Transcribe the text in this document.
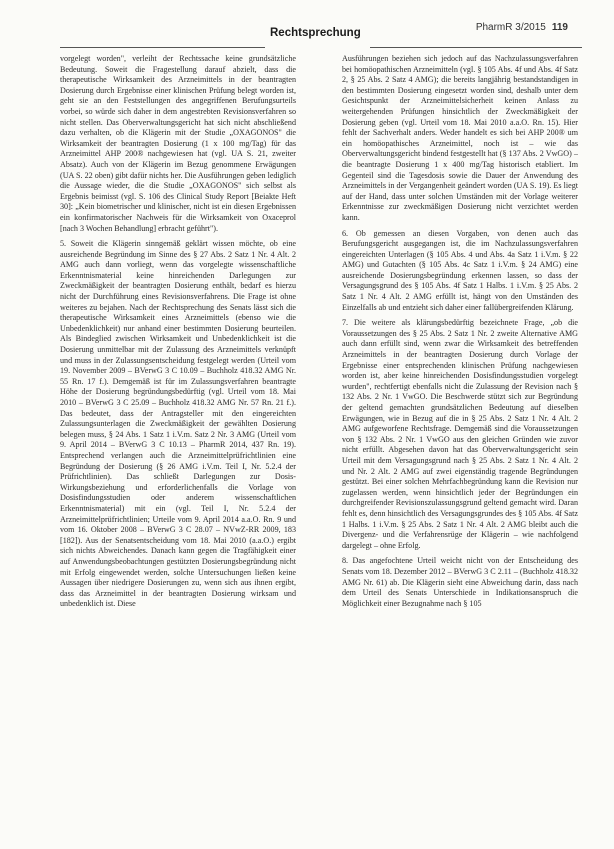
Rechtsprechung	PharmR 3/2015 119

vorgelegt worden", verleiht der Rechtssache keine grundsätzliche Bedeutung. Soweit die Fragestellung darauf abzielt, dass die therapeutische Wirksamkeit des Arzneimittels in der beantragten Dosierung durch Ergebnisse einer klinischen Prüfung belegt worden ist, geht sie an den Feststellungen des angegriffenen Berufungsurteils vorbei, so würde sich daher in dem angestrebten Revisionsverfahren so nicht stellen. Das Oberverwaltungsgericht hat sich nicht abschließend dazu verhalten, ob die Klägerin mit der Studie „OXAGONOS" die Wirksamkeit der beantragten Dosierung (1 x 100 mg/Tag) für das Arzneimittel AHP 200® nachgewiesen hat (vgl. UA S. 21, zweiter Absatz). Auch von der Klägerin im Bezug genommene Erwägungen (UA S. 22 oben) gibt dafür nichts her. Die Ausführungen geben lediglich die Aussage wieder, die die Studie „OXAGONOS" sich selbst als Ergebnis beimisst (vgl. S. 106 des Clinical Study Report [Beiakte Heft 30]: „Kein biometrischer und klinischer, nicht ist ein diesen Ergebnissen ein konfirmatorischer Nachweis für die Wirksamkeit von Oxaceprol [nach 3 Wochen Behandlung] erbracht geführt").

5. Soweit die Klägerin sinngemäß geklärt wissen möchte, ob eine ausreichende Begründung im Sinne des § 27 Abs. 2 Satz 1 Nr. 4 Alt. 2 AMG auch dann vorliegt, wenn das vorgelegte wissenschaftliche Erkenntnismaterial keine hinreichenden Darlegungen zur Zweckmäßigkeit der beantragten Dosierung enthält, bedarf es hierzu nicht der Durchführung eines Revisionsverfahrens. Die Frage ist ohne weiteres zu bejahen. Nach der Rechtsprechung des Senats lässt sich die therapeutische Wirksamkeit eines Arzneimittels (ebenso wie die Unbedenklichkeit) nur anhand einer bestimmten Dosierung beurteilen. Als Bindeglied zwischen Wirksamkeit und Unbedenklichkeit ist die Dosierung unmittelbar mit der Zulassung des Arzneimittels verknüpft und muss in der Zulassungsentscheidung festgelegt werden (Urteil vom 19. November 2009 – BVerwG 3 C 10.09 – Buchholz 418.32 AMG Nr. 55 Rn. 17 f.). Demgemäß ist für im Zulassungsverfahren beantragte Höhe der Dosierung begründungsbedürftig (vgl. Urteil vom 18. Mai 2010 – BVerwG 3 C 25.09 – Buchholz 418.32 AMG Nr. 57 Rn. 21 f.). Das bedeutet, dass der Antragsteller mit den eingereichten Zulassungsunterlagen die Zweckmäßigkeit der gewählten Dosierung belegen muss, § 24 Abs. 1 Satz 1 i.V.m. Satz 2 Nr. 3 AMG (Urteil vom 9. April 2014 – BVerwG 3 C 10.13 – PharmR 2014, 437 Rn. 19). Entsprechend verlangen auch die Arzneimittelprüfrichtlinien eine Begründung der Dosierung (§ 26 AMG i.V.m. Teil I, Nr. 5.2.4 der Prüfrichtlinien). Das schließt Darlegungen zur Dosis-Wirkungsbeziehung und erforderlichenfalls die Vorlage von Dosisfindungsstudien oder anderem wissenschaftlichen Erkenntnismaterial) mit ein (vgl. Teil I, Nr. 5.2.4 der Arzneimittelprüfrichtlinien; Urteile vom 9. April 2014 a.a.O. Rn. 9 und vom 16. Oktober 2008 – BVerwG 3 C 28.07 – NVwZ-RR 2009, 183 [182]). Aus der Senatsentscheidung vom 18. Mai 2010 (a.a.O.) ergibt sich nichts Abweichendes. Danach kann gegen die Tragfähigkeit einer auf Anwendungsbeobachtungen gestützten Dosierungsbegründung nicht mit Erfolg eingewendet werden, solche Untersuchungen ließen keine Aussagen über niedrigere Dosierungen zu, wenn sich aus ihnen ergibt, dass das Arzneimittel in der beantragten Dosierung wirksam und unbedenklich ist. Diese

Ausführungen beziehen sich jedoch auf das Nachzulassungsverfahren bei homöopathischen Arzneimitteln (vgl. § 105 Abs. 4f und Abs. 4f Satz 2, § 25 Abs. 2 Satz 4 AMG); die bereits langjährig bestandstandigen in den bestimmten Dosierung eingesetzt worden sind, deshalb unter dem Gesichtspunkt der Arzneimittelsicherheit keinen Anlass zu weitergehenden Prüfungen hinsichtlich der Zweckmäßigkeit der Dosierung geben (vgl. Urteil vom 18. Mai 2010 a.a.O. Rn. 15). Hier fehlt der Sachverhalt anders. Weder handelt es sich bei AHP 200® um ein homöopathisches Arzneimittel, noch ist – wie das Oberverwaltungsgericht bindend festgestellt hat (§ 137 Abs. 2 VwGO) – die beantragte Dosierung 1 x 400 mg/Tag historisch etabliert. Im Gegenteil sind die Tagesdosis sowie die Dauer der Anwendung des Arzneimittels in der Vergangenheit geändert worden (UA S. 19). Es liegt auf der Hand, dass unter solchen Umständen mit der Vorlage weiterer Erkenntnisse zur zweckmäßigen Dosierung nicht verzichtet werden kann.

6. Ob gemessen an diesen Vorgaben, von denen auch das Berufungsgericht ausgegangen ist, die im Nachzulassungsverfahren eingereichten Unterlagen (§ 105 Abs. 4 und Abs. 4a Satz 1 i.V.m. § 22 AMG) und Gutachten (§ 105 Abs. 4c Satz 1 i.V.m. § 24 AMG) eine ausreichende Dosierungsbegründung erkennen lassen, so dass der Versagungsgrund des § 105 Abs. 4f Satz 1 Halbs. 1 i.V.m. § 25 Abs. 2 Satz 1 Nr. 4 Alt. 2 AMG erfüllt ist, hängt von den Umständen des Einzelfalls ab und entzieht sich daher einer fallübergreifenden Klärung.

7. Die weitere als klärungsbedürftig bezeichnete Frage, „ob die Voraussetzungen des § 25 Abs. 2 Satz 1 Nr. 2 zweite Alternative AMG auch dann erfüllt sind, wenn zwar die Wirksamkeit des betreffenden Arzneimittels in der beantragten Dosierung durch Vorlage der Ergebnisse einer entsprechenden klinischen Prüfung nachgewiesen worden ist, aber keine hinreichenden Dosisfindungsstudien vorgelegt wurden", rechtfertigt ebenfalls nicht die Zulassung der Revision nach § 132 Abs. 2 Nr. 1 VwGO. Die Beschwerde stützt sich zur Begründung der geltend gemachten grundsätzlichen Bedeutung auf dieselben Erwägungen, wie in Bezug auf die in § 25 Abs. 2 Satz 1 Nr. 4 Alt. 2 AMG aufgeworfene Rechtsfrage. Demgemäß sind die Voraussetzungen von § 132 Abs. 2 Nr. 1 VwGO aus den gleichen Gründen wie zuvor nicht erfüllt. Abgesehen davon hat das Oberverwaltungsgericht sein Urteil mit dem Versagungsgrund nach § 25 Abs. 2 Satz 1 Nr. 4 Alt. 2 und Nr. 2 Alt. 2 AMG auf zwei eigenständig tragende Begründungen gestützt. Bei einer solchen Mehrfachbegründung kann die Revision nur zugelassen werden, wenn hinsichtlich jeder der Begründungen ein durchgreifender Revisionszulassungsgrund geltend gemacht wird. Daran fehlt es, denn hinsichtlich des Versagungsgrundes des § 105 Abs. 4f Satz 1 Halbs. 1 i.V.m. § 25 Abs. 2 Satz 1 Nr. 4 Alt. 2 AMG bleibt auch die Divergenz- und die Verfahrensrüge der Klägerin – wie nachfolgend dargelegt – ohne Erfolg.

8. Das angefochtene Urteil weicht nicht von der Entscheidung des Senats vom 18. Dezember 2012 – BVerwG 3 C 2.11 – (Buchholz 418.32 AMG Nr. 61) ab. Die Klägerin sieht eine Abweichung darin, dass nach dem Urteil des Senats Unterschiede in Indikationsanspruch die Möglichkeit einer Bezugnahme nach § 105
